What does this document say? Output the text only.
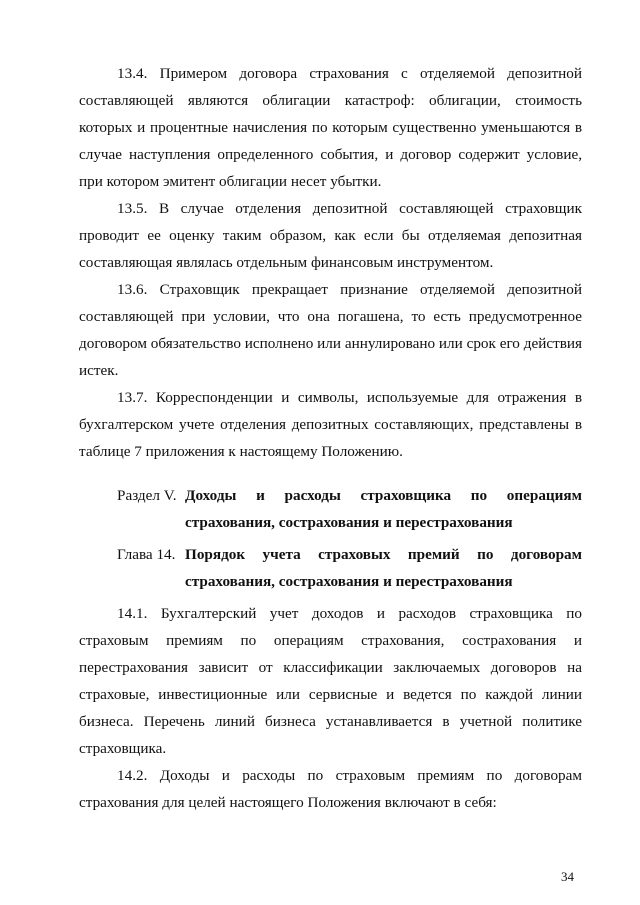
13.4. Примером договора страхования с отделяемой депозитной
составляющей являются облигации катастроф: облигации, стоимость
которых и процентные начисления по которым существенно уменьшаются в
случае наступления определенного события, и договор содержит условие,
при котором эмитент облигации несет убытки.
13.5. В случае отделения депозитной составляющей страховщик
проводит ее оценку таким образом, как если бы отделяемая депозитная
составляющая являлась отдельным финансовым инструментом.
13.6. Страховщик прекращает признание отделяемой депозитной
составляющей при условии, что она погашена, то есть предусмотренное
договором обязательство исполнено или аннулировано или срок его действия
истек.
13.7. Корреспонденции и символы, используемые для отражения в
бухгалтерском учете отделения депозитных составляющих, представлены в
таблице 7 приложения к настоящему Положению.
Раздел V. Доходы и расходы страховщика по операциям
страхования, сострахования и перестрахования
Глава 14. Порядок учета страховых премий по договорам
страхования, сострахования и перестрахования
14.1. Бухгалтерский учет доходов и расходов страховщика по
страховым премиям по операциям страхования, сострахования и
перестрахования зависит от классификации заключаемых договоров на
страховые, инвестиционные или сервисные и ведется по каждой линии
бизнеса. Перечень линий бизнеса устанавливается в учетной политике
страховщика.
14.2. Доходы и расходы по страховым премиям по договорам
страхования для целей настоящего Положения включают в себя:
34
